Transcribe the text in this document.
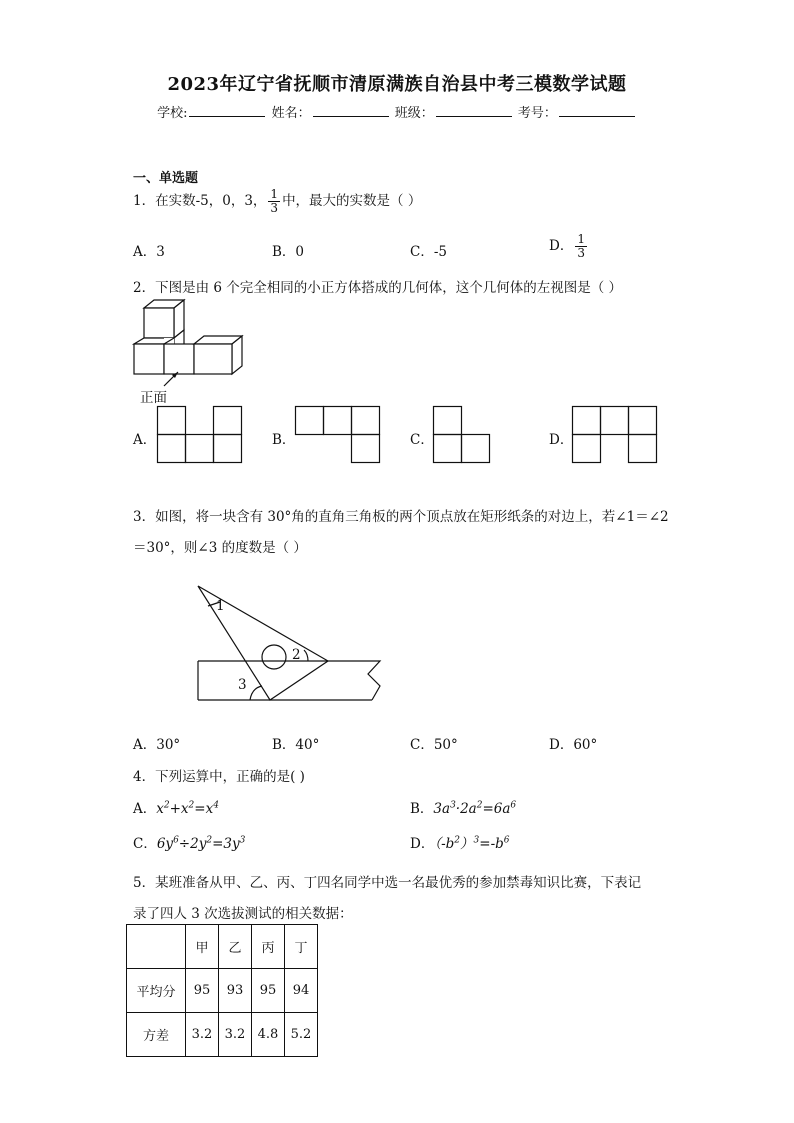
2023年辽宁省抚顺市清原满族自治县中考三模数学试题
学校:	姓名：	班级：	考号：
一、单选题
1．在实数-5，0，3， $\frac{1}{3}$ 中，最大的实数是（ ）
A．3	B．0	C．-5	D． $\frac{1}{3}$
2．下图是由 6 个完全相同的小正方体搭成的几何体，这个几何体的左视图是（ ）
正面
A．	B．	C．	D．
3．如图，将一块含有 30°角的直角三角板的两个顶点放在矩形纸条的对边上，若∠1＝∠2
＝30°，则∠3 的度数是（ ）
1
2
3
A．30°	B．40°	C．50°	D．60°
4．下列运算中，正确的是( )
A．$x^2+x^2=x^4$	B．$3a^3\cdot 2a^2=6a^6$
C．$6y^6\div 2y^2=3y^3$	D．$(-b^2)^3=-b^6$
5．某班准备从甲、乙、丙、丁四名同学中选一名最优秀的参加禁毒知识比赛，下表记
录了四人 3 次选拔测试的相关数据：
	甲	乙	丙	丁
平均分	95	93	95	94
方差	3.2	3.2	4.8	5.2
